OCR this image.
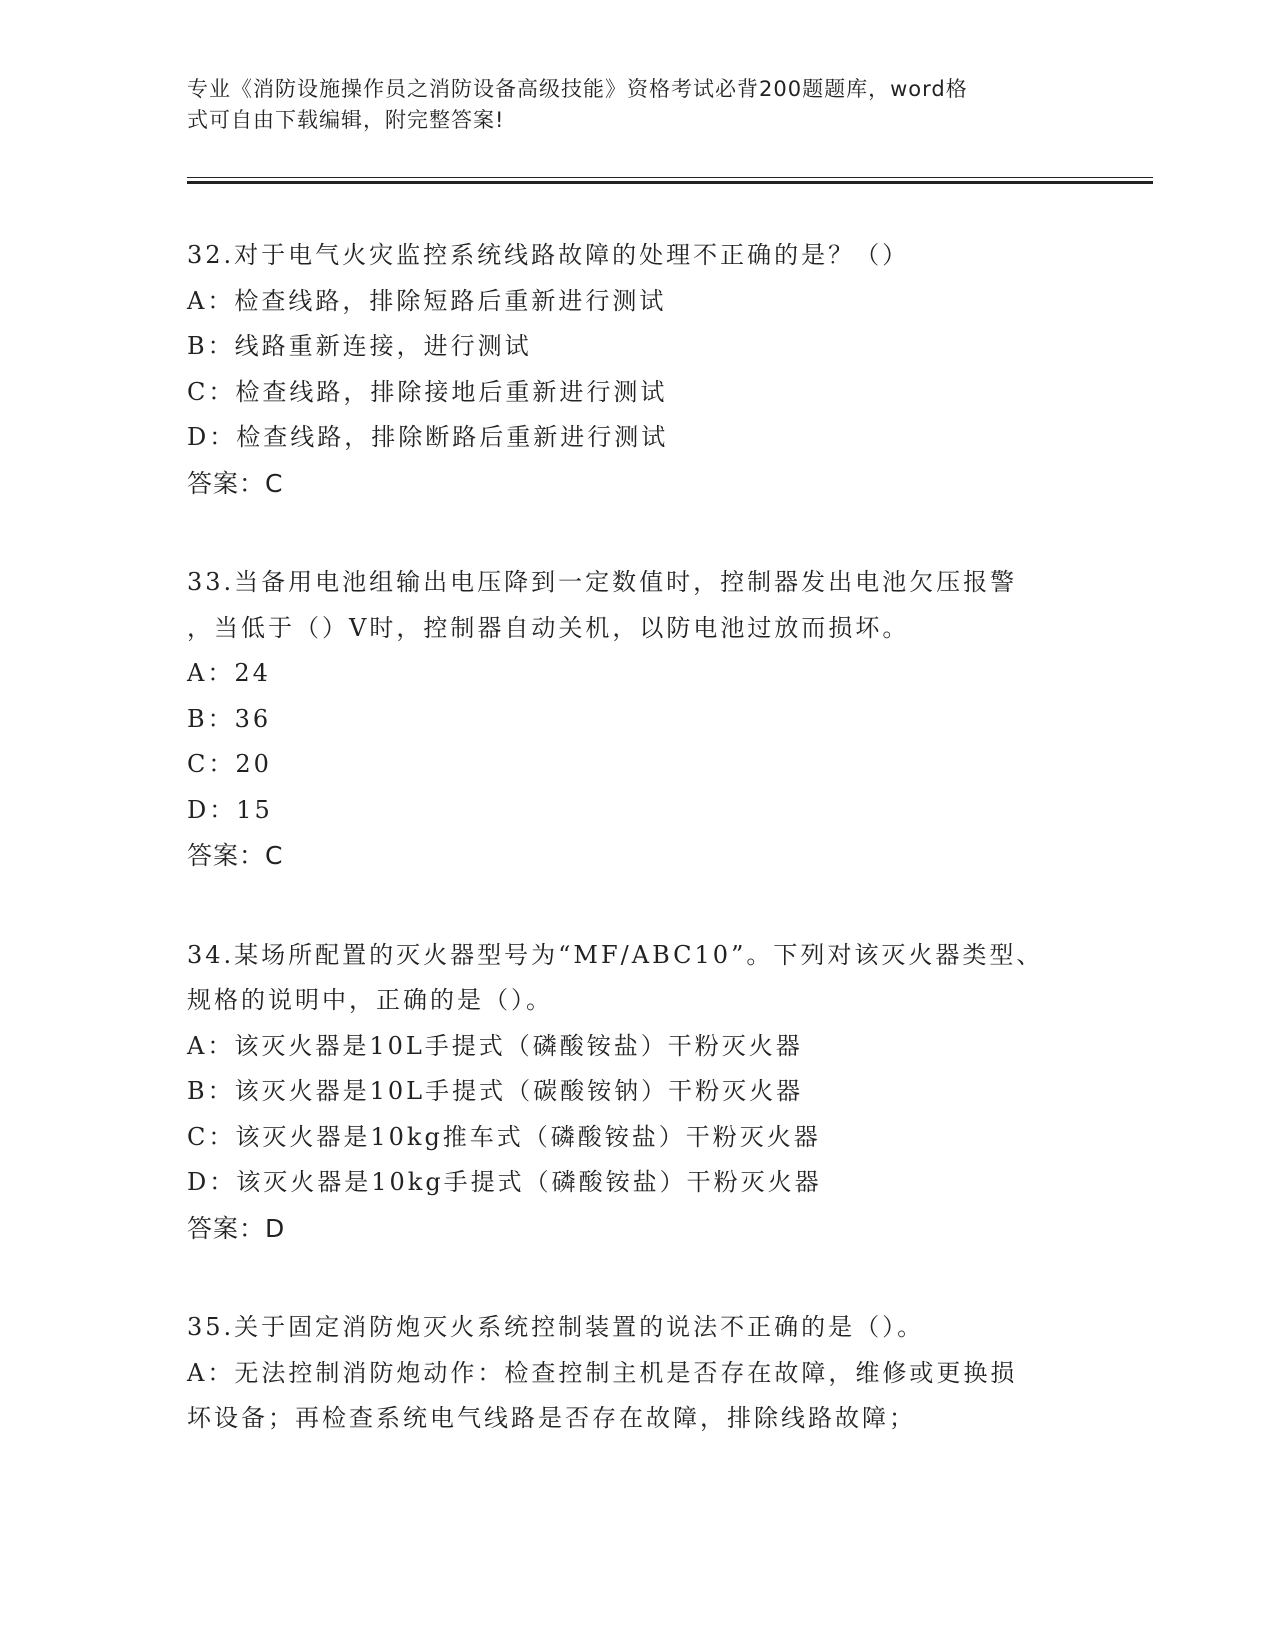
专业《消防设施操作员之消防设备高级技能》资格考试必背200题题库，word格
式可自由下载编辑，附完整答案!
32.对于电气火灾监控系统线路故障的处理不正确的是？（）
A：检查线路，排除短路后重新进行测试
B：线路重新连接，进行测试
C：检查线路，排除接地后重新进行测试
D：检查线路，排除断路后重新进行测试
答案：C
33.当备用电池组输出电压降到一定数值时，控制器发出电池欠压报警
，当低于（）V时，控制器自动关机，以防电池过放而损坏。
A：24
B：36
C：20
D：15
答案：C
34.某场所配置的灭火器型号为“MF/ABC10”。下列对该灭火器类型、
规格的说明中，正确的是（）。
A：该灭火器是10L手提式（磷酸铵盐）干粉灭火器
B：该灭火器是10L手提式（碳酸铵钠）干粉灭火器
C：该灭火器是10kg推车式（磷酸铵盐）干粉灭火器
D：该灭火器是10kg手提式（磷酸铵盐）干粉灭火器
答案：D
35.关于固定消防炮灭火系统控制装置的说法不正确的是（）。
A：无法控制消防炮动作：检查控制主机是否存在故障，维修或更换损
坏设备；再检查系统电气线路是否存在故障，排除线路故障；
